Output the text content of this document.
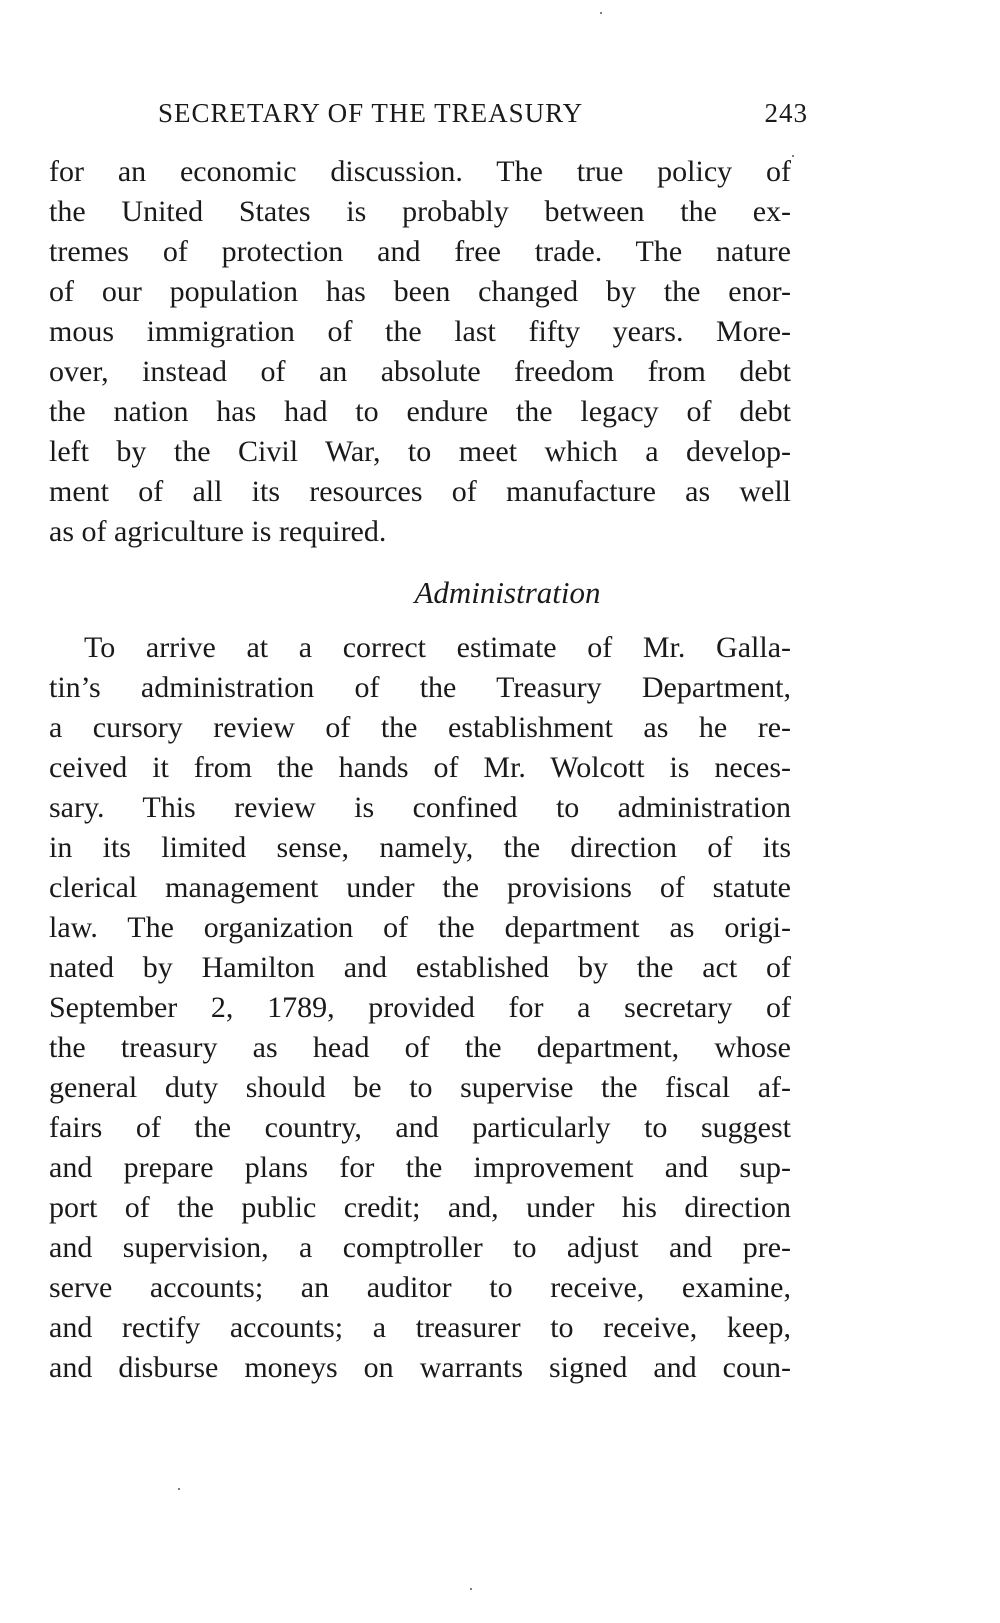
SECRETARY OF THE TREASURY	243
for an economic discussion. The true policy of
the United States is probably between the ex-
tremes of protection and free trade. The nature
of our population has been changed by the enor-
mous immigration of the last fifty years. More-
over, instead of an absolute freedom from debt
the nation has had to endure the legacy of debt
left by the Civil War, to meet which a develop-
ment of all its resources of manufacture as well
as of agriculture is required.
Administration
To arrive at a correct estimate of Mr. Galla-
tin’s administration of the Treasury Department,
a cursory review of the establishment as he re-
ceived it from the hands of Mr. Wolcott is neces-
sary. This review is confined to administration
in its limited sense, namely, the direction of its
clerical management under the provisions of statute
law. The organization of the department as origi-
nated by Hamilton and established by the act of
September 2, 1789, provided for a secretary of
the treasury as head of the department, whose
general duty should be to supervise the fiscal af-
fairs of the country, and particularly to suggest
and prepare plans for the improvement and sup-
port of the public credit; and, under his direction
and supervision, a comptroller to adjust and pre-
serve accounts; an auditor to receive, examine,
and rectify accounts; a treasurer to receive, keep,
and disburse moneys on warrants signed and coun-
